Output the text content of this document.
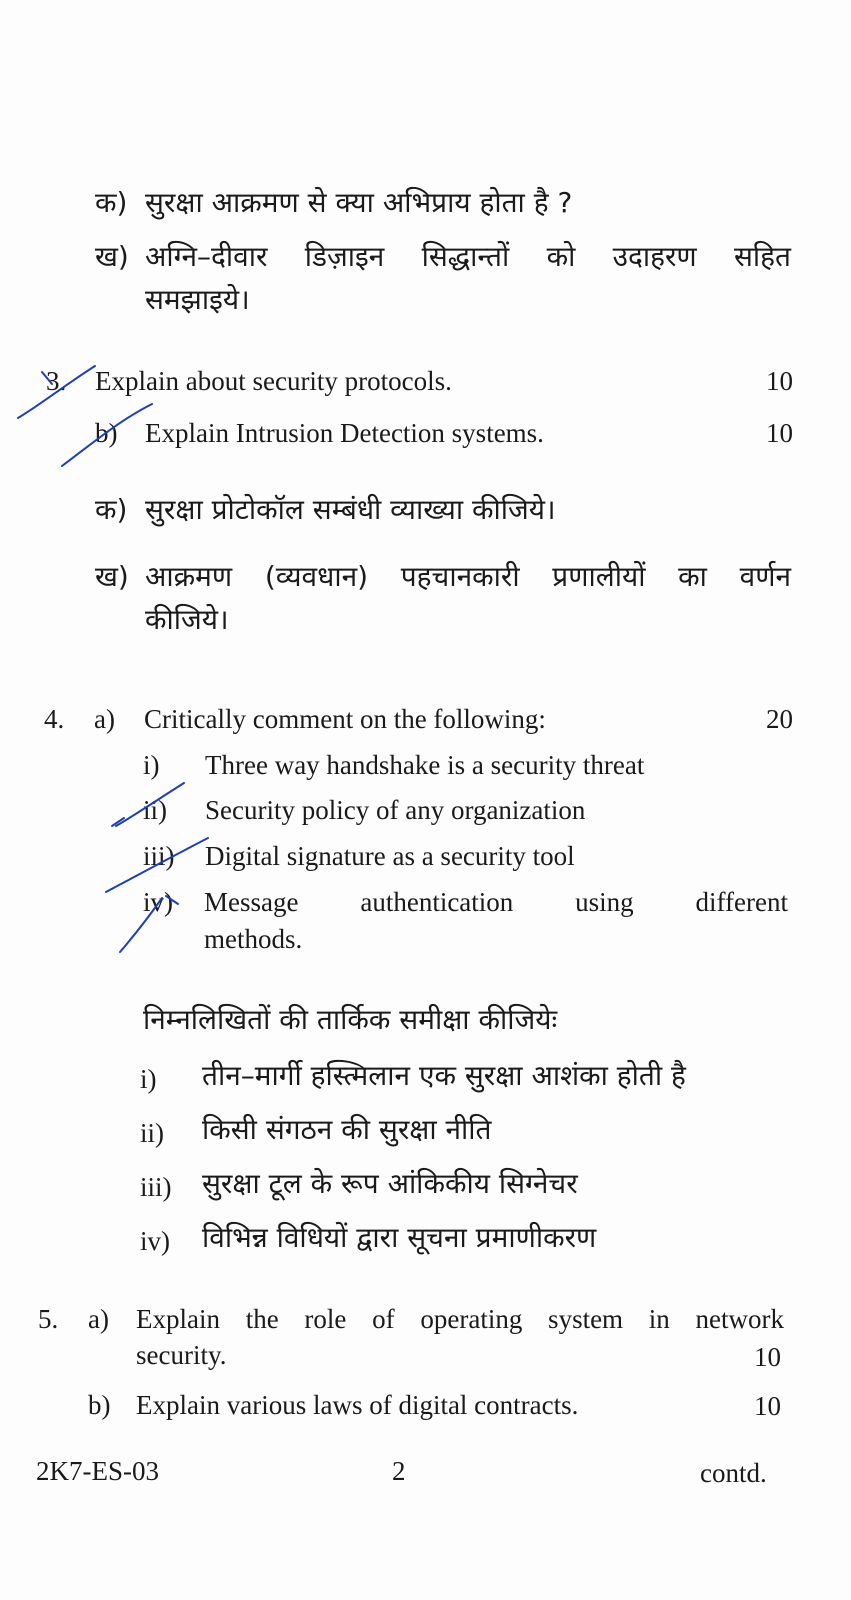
क) सुरक्षा आक्रमण से क्या अभिप्राय होता है ?
ख) अग्नि–दीवार डिज़ाइन सिद्धान्तों को उदाहरण सहित
समझाइये।
3. Explain about security protocols.	10
b) Explain Intrusion Detection systems.	10
क) सुरक्षा प्रोटोकॉल सम्बंधी व्याख्या कीजिये।
ख) आक्रमण (व्यवधान) पहचानकारी प्रणालीयों का वर्णन
कीजिये।
4. a) Critically comment on the following:	20
i) Three way handshake is a security threat
ii) Security policy of any organization
iii) Digital signature as a security tool
iv) Message authentication using different
methods.
निम्नलिखितों की तार्किक समीक्षा कीजियेः
i) तीन–मार्गी हस्त्मिलान एक सुरक्षा आशंका होती है
ii) किसी संगठन की सुरक्षा नीति
iii) सुरक्षा टूल के रूप आंकिकीय सिग्नेचर
iv) विभिन्न विधियों द्वारा सूचना प्रमाणीकरण
5. a) Explain the role of operating system in network
security.	10
b) Explain various laws of digital contracts.	10
2K7-ES-03	2	contd.
